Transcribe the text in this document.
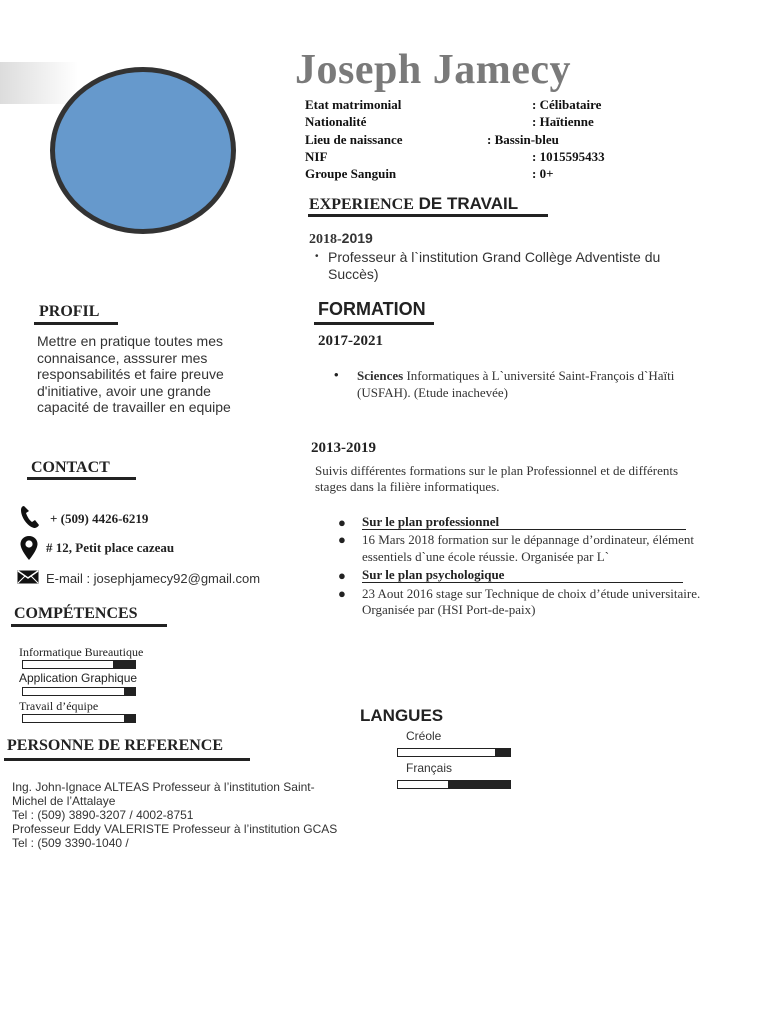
Joseph Jamecy
Etat matrimonial	: Célibataire
Nationalité	: Haïtienne
Lieu de naissance	: Bassin-bleu
NIF	: 1015595433
Groupe Sanguin	: 0+
EXPERIENCE DE TRAVAIL
2018-2019
• Professeur à l`institution Grand Collège Adventiste du Succès)
PROFIL
Mettre en pratique toutes mes connaisance, asssurer mes responsabilités et faire preuve d'initiative, avoir une grande capacité de travailler en equipe
FORMATION
2017-2021
• Sciences Informatiques à L`université Saint-François d`Haïti (USFAH). (Etude inachevée)
2013-2019
Suivis différentes formations sur le plan Professionnel et de différents stages dans la filière informatiques.
● Sur le plan professionnel
● 16 Mars 2018 formation sur le dépannage d’ordinateur, élément essentiels d`une école réussie. Organisée par L`
● Sur le plan psychologique
● 23 Aout 2016 stage sur Technique de choix d’étude universitaire. Organisée par (HSI Port-de-paix)
CONTACT
+ (509) 4426-6219
# 12, Petit place cazeau
E-mail : josephjamecy92@gmail.com
COMPÉTENCES
Informatique Bureautique
Application Graphique
Travail d’équipe	LANGUES
Créole
Français
PERSONNE DE REFERENCE
Ing. John-Ignace ALTEAS Professeur à l’institution Saint-
Michel de l’Attalaye
Tel : (509) 3890-3207 / 4002-8751
Professeur Eddy VALERISTE Professeur à l’institution GCAS
Tel : (509 3390-1040 /
